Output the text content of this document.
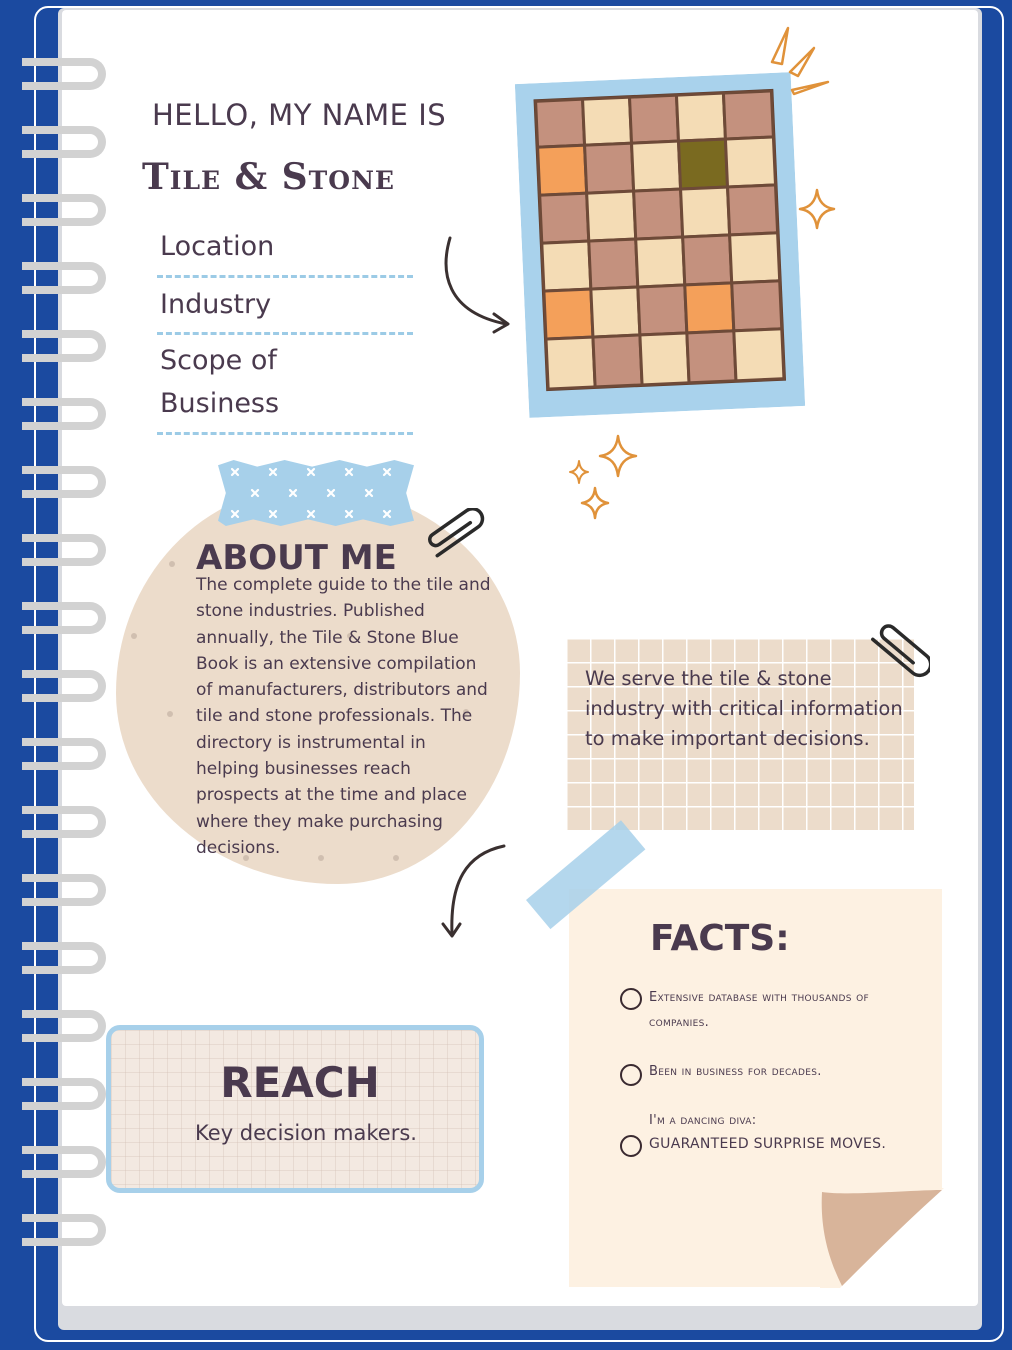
HELLO, MY NAME IS
Tile & Stone
Location
Industry
Scope of
Business
ABOUT ME
The complete guide to the tile and stone industries. Published annually, the Tile & Stone Blue Book is an extensive compilation of manufacturers, distributors and tile and stone professionals. The directory is instrumental in helping businesses reach prospects at the time and place where they make purchasing decisions.
We serve the tile & stone industry with critical information to make important decisions.
REACH
Key decision makers.
FACTS:
Extensive database with thousands of
companies.
Been in business for decades.
I'm a dancing diva:
GUARANTEED SURPRISE MOVES.
